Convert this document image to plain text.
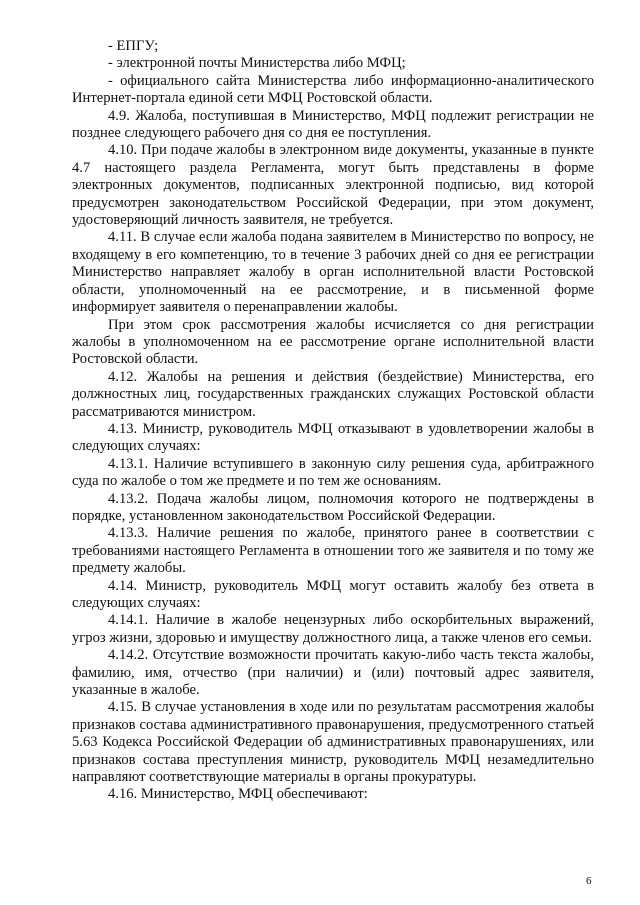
- ЕПГУ;

- электронной почты Министерства либо МФЦ;

- официального сайта Министерства либо информационно-аналитического Интернет-портала единой сети МФЦ Ростовской области.

4.9. Жалоба, поступившая в Министерство, МФЦ подлежит регистрации не позднее следующего рабочего дня со дня ее поступления.

4.10. При подаче жалобы в электронном виде документы, указанные в пункте 4.7 настоящего раздела Регламента, могут быть представлены в форме электронных документов, подписанных электронной подписью, вид которой предусмотрен законодательством Российской Федерации, при этом документ, удостоверяющий личность заявителя, не требуется.

4.11. В случае если жалоба подана заявителем в Министерство по вопросу, не входящему в его компетенцию, то в течение 3 рабочих дней со дня ее регистрации Министерство направляет жалобу в орган исполнительной власти Ростовской области, уполномоченный на ее рассмотрение, и в письменной форме информирует заявителя о перенаправлении жалобы.

При этом срок рассмотрения жалобы исчисляется со дня регистрации жалобы в уполномоченном на ее рассмотрение органе исполнительной власти Ростовской области.

4.12. Жалобы на решения и действия (бездействие) Министерства, его должностных лиц, государственных гражданских служащих Ростовской области рассматриваются министром.

4.13. Министр, руководитель МФЦ отказывают в удовлетворении жалобы в следующих случаях:

4.13.1. Наличие вступившего в законную силу решения суда, арбитражного суда по жалобе о том же предмете и по тем же основаниям.

4.13.2. Подача жалобы лицом, полномочия которого не подтверждены в порядке, установленном законодательством Российской Федерации.

4.13.3. Наличие решения по жалобе, принятого ранее в соответствии с требованиями настоящего Регламента в отношении того же заявителя и по тому же предмету жалобы.

4.14. Министр, руководитель МФЦ могут оставить жалобу без ответа в следующих случаях:

4.14.1. Наличие в жалобе нецензурных либо оскорбительных выражений, угроз жизни, здоровью и имуществу должностного лица, а также членов его семьи.

4.14.2. Отсутствие возможности прочитать какую-либо часть текста жалобы, фамилию, имя, отчество (при наличии) и (или) почтовый адрес заявителя, указанные в жалобе.

4.15. В случае установления в ходе или по результатам рассмотрения жалобы признаков состава административного правонарушения, предусмотренного статьей 5.63 Кодекса Российской Федерации об административных правонарушениях, или признаков состава преступления министр, руководитель МФЦ незамедлительно направляют соответствующие материалы в органы прокуратуры.

4.16. Министерство, МФЦ обеспечивают:

6
